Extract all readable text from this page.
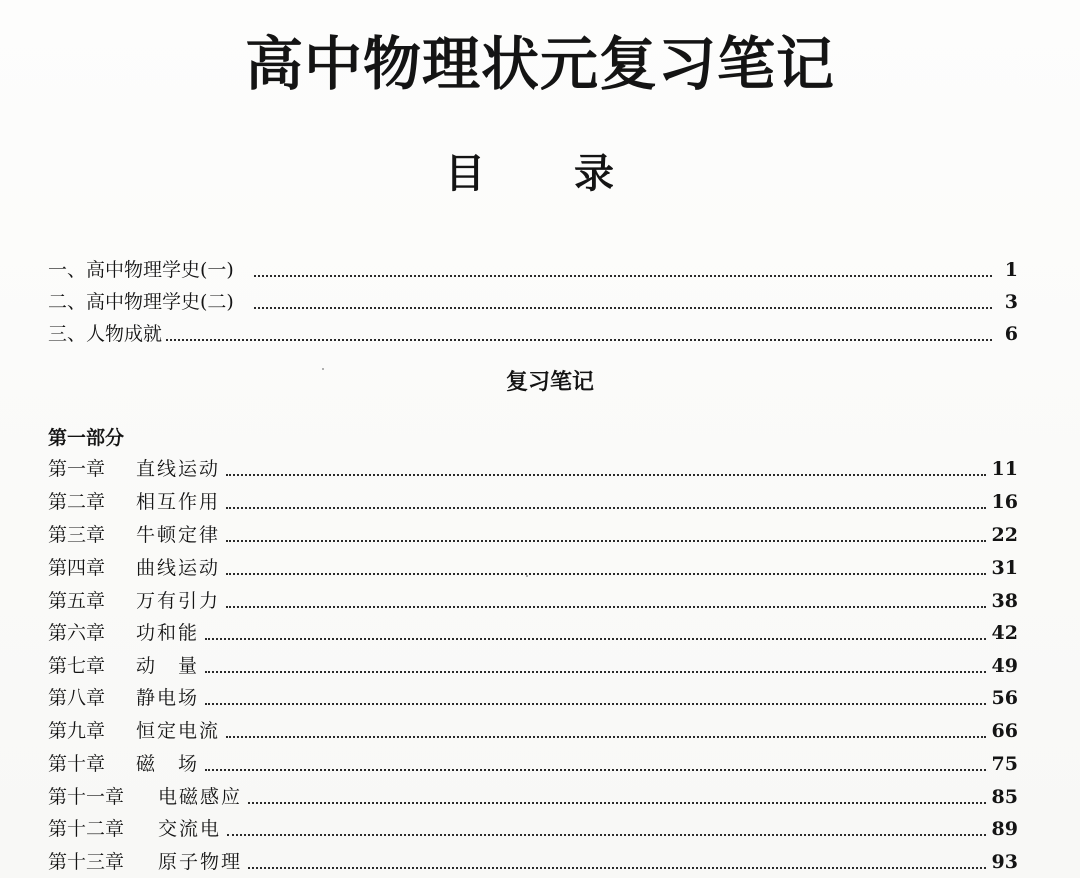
高中物理状元复习笔记
目 录
一、高中物理学史(一)	1
二、高中物理学史(二)	3
三、人物成就	6
复习笔记
第一部分
第一章 直线运动	11
第二章 相互作用	16
第三章 牛顿定律	22
第四章 曲线运动	31
第五章 万有引力	38
第六章 功和能	42
第七章 动　量	49
第八章 静电场	56
第九章 恒定电流	66
第十章 磁　场	75
第十一章 电磁感应	85
第十二章 交流电	89
第十三章 原子物理	93
